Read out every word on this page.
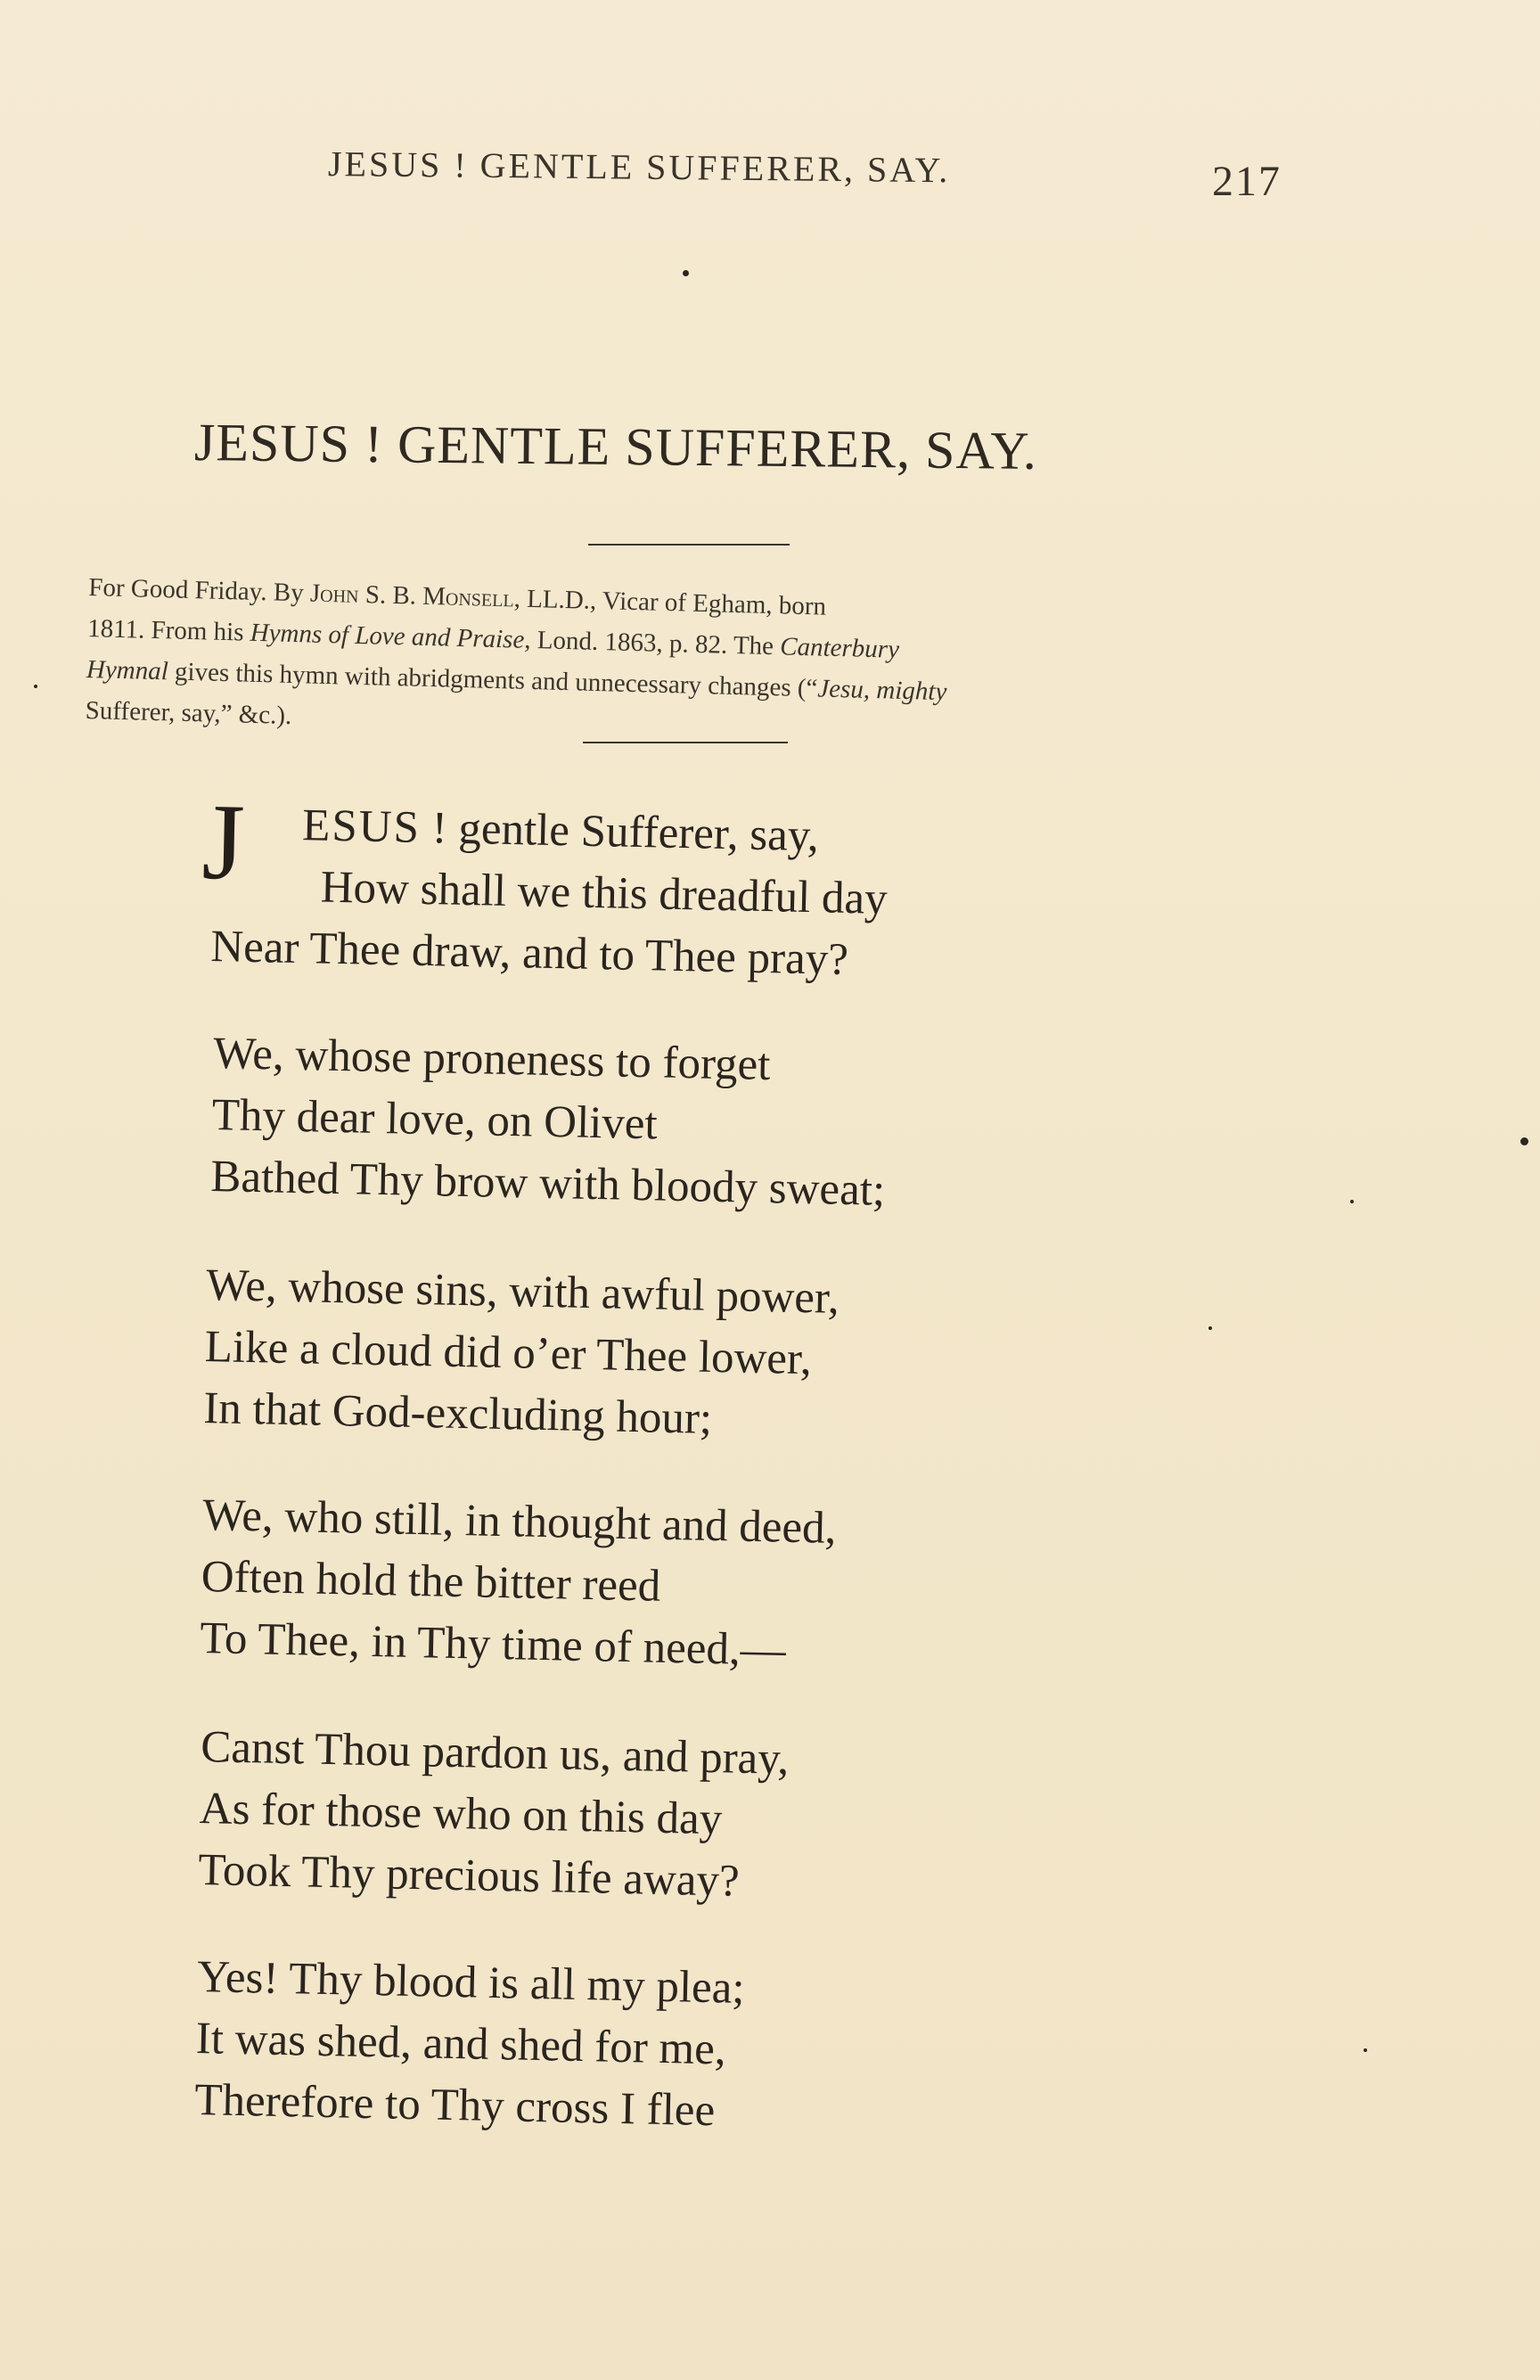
JESUS ! GENTLE SUFFERER, SAY.	217
JESUS ! GENTLE SUFFERER, SAY.
For Good Friday. By John S. B. Monsell, LL.D., Vicar of Egham, born
1811. From his Hymns of Love and Praise, Lond. 1863, p. 82. The Canterbury
Hymnal gives this hymn with abridgments and unnecessary changes (“Jesu, mighty
Sufferer, say,” &c.).
J ESUS ! gentle Sufferer, say,
How shall we this dreadful day
Near Thee draw, and to Thee pray?
We, whose proneness to forget
Thy dear love, on Olivet
Bathed Thy brow with bloody sweat;
We, whose sins, with awful power,
Like a cloud did o’er Thee lower,
In that God-excluding hour;
We, who still, in thought and deed,
Often hold the bitter reed
To Thee, in Thy time of need,—
Canst Thou pardon us, and pray,
As for those who on this day
Took Thy precious life away?
Yes! Thy blood is all my plea;
It was shed, and shed for me,
Therefore to Thy cross I flee
